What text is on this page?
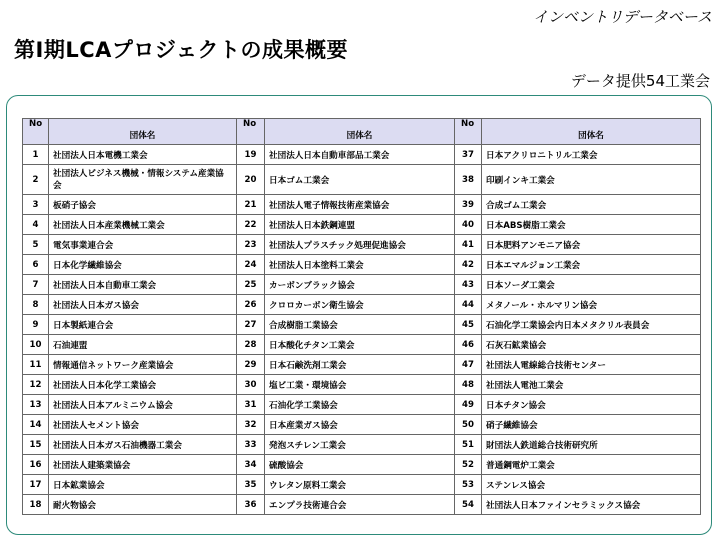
インベントリデータベース
第Ⅰ期LCAプロジェクトの成果概要
データ提供54工業会
No	団体名	No	団体名	No	団体名
1	社団法人日本電機工業会	19	社団法人日本自動車部品工業会	37	日本アクリロニトリル工業会
2	社団法人ビジネス機械・情報システム産業協会	20	日本ゴム工業会	38	印刷インキ工業会
3	板硝子協会	21	社団法人電子情報技術産業協会	39	合成ゴム工業会
4	社団法人日本産業機械工業会	22	社団法人日本鉄鋼連盟	40	日本ABS樹脂工業会
5	電気事業連合会	23	社団法人プラスチック処理促進協会	41	日本肥料アンモニア協会
6	日本化学繊維協会	24	社団法人日本塗料工業会	42	日本エマルジョン工業会
7	社団法人日本自動車工業会	25	カーボンブラック協会	43	日本ソーダ工業会
8	社団法人日本ガス協会	26	クロロカーボン衛生協会	44	メタノール・ホルマリン協会
9	日本製紙連合会	27	合成樹脂工業協会	45	石油化学工業協会内日本メタクリル表員会
10	石油連盟	28	日本酸化チタン工業会	46	石灰石鉱業協会
11	情報通信ネットワーク産業協会	29	日本石鹸洗剤工業会	47	社団法人電線総合技術センター
12	社団法人日本化学工業協会	30	塩ビ工業・環境協会	48	社団法人電池工業会
13	社団法人日本アルミニウム協会	31	石油化学工業協会	49	日本チタン協会
14	社団法人セメント協会	32	日本産業ガス協会	50	硝子繊維協会
15	社団法人日本ガス石油機器工業会	33	発泡スチレン工業会	51	財団法人鉄道総合技術研究所
16	社団法人建築業協会	34	硫酸協会	52	普通鋼電炉工業会
17	日本鉱業協会	35	ウレタン原料工業会	53	ステンレス協会
18	耐火物協会	36	エンプラ技術連合会	54	社団法人日本ファインセラミックス協会
